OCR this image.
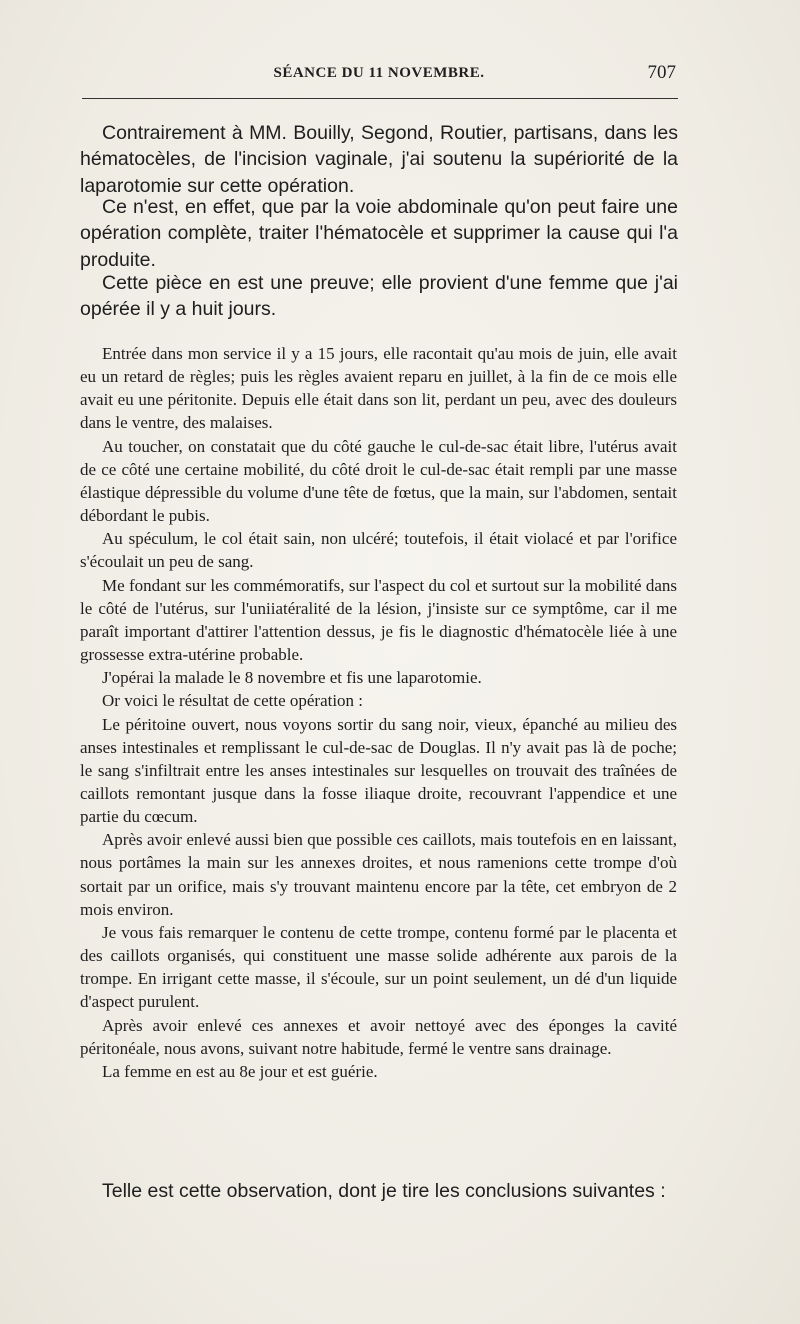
SÉANCE DU 11 NOVEMBRE.	707

Contrairement à MM. Bouilly, Segond, Routier, partisans, dans les hématocèles, de l'incision vaginale, j'ai soutenu la supériorité de la laparotomie sur cette opération.

Ce n'est, en effet, que par la voie abdominale qu'on peut faire une opération complète, traiter l'hématocèle et supprimer la cause qui l'a produite.

Cette pièce en est une preuve; elle provient d'une femme que j'ai opérée il y a huit jours.

Entrée dans mon service il y a 15 jours, elle racontait qu'au mois de juin, elle avait eu un retard de règles; puis les règles avaient reparu en juillet, à la fin de ce mois elle avait eu une péritonite. Depuis elle était dans son lit, perdant un peu, avec des douleurs dans le ventre, des malaises.

Au toucher, on constatait que du côté gauche le cul-de-sac était libre, l'utérus avait de ce côté une certaine mobilité, du côté droit le cul-de-sac était rempli par une masse élastique dépressible du volume d'une tête de fœtus, que la main, sur l'abdomen, sentait débordant le pubis.

Au spéculum, le col était sain, non ulcéré; toutefois, il était violacé et par l'orifice s'écoulait un peu de sang.

Me fondant sur les commémoratifs, sur l'aspect du col et surtout sur la mobilité dans le côté de l'utérus, sur l'uniiatéralité de la lésion, j'insiste sur ce symptôme, car il me paraît important d'attirer l'attention dessus, je fis le diagnostic d'hématocèle liée à une grossesse extra-utérine probable.

J'opérai la malade le 8 novembre et fis une laparotomie.

Or voici le résultat de cette opération :

Le péritoine ouvert, nous voyons sortir du sang noir, vieux, épanché au milieu des anses intestinales et remplissant le cul-de-sac de Douglas. Il n'y avait pas là de poche; le sang s'infiltrait entre les anses intestinales sur lesquelles on trouvait des traînées de caillots remontant jusque dans la fosse iliaque droite, recouvrant l'appendice et une partie du cœcum.

Après avoir enlevé aussi bien que possible ces caillots, mais toutefois en en laissant, nous portâmes la main sur les annexes droites, et nous ramenions cette trompe d'où sortait par un orifice, mais s'y trouvant maintenu encore par la tête, cet embryon de 2 mois environ.

Je vous fais remarquer le contenu de cette trompe, contenu formé par le placenta et des caillots organisés, qui constituent une masse solide adhérente aux parois de la trompe. En irrigant cette masse, il s'écoule, sur un point seulement, un dé d'un liquide d'aspect purulent.

Après avoir enlevé ces annexes et avoir nettoyé avec des éponges la cavité péritonéale, nous avons, suivant notre habitude, fermé le ventre sans drainage.

La femme en est au 8e jour et est guérie.

Telle est cette observation, dont je tire les conclusions suivantes :
